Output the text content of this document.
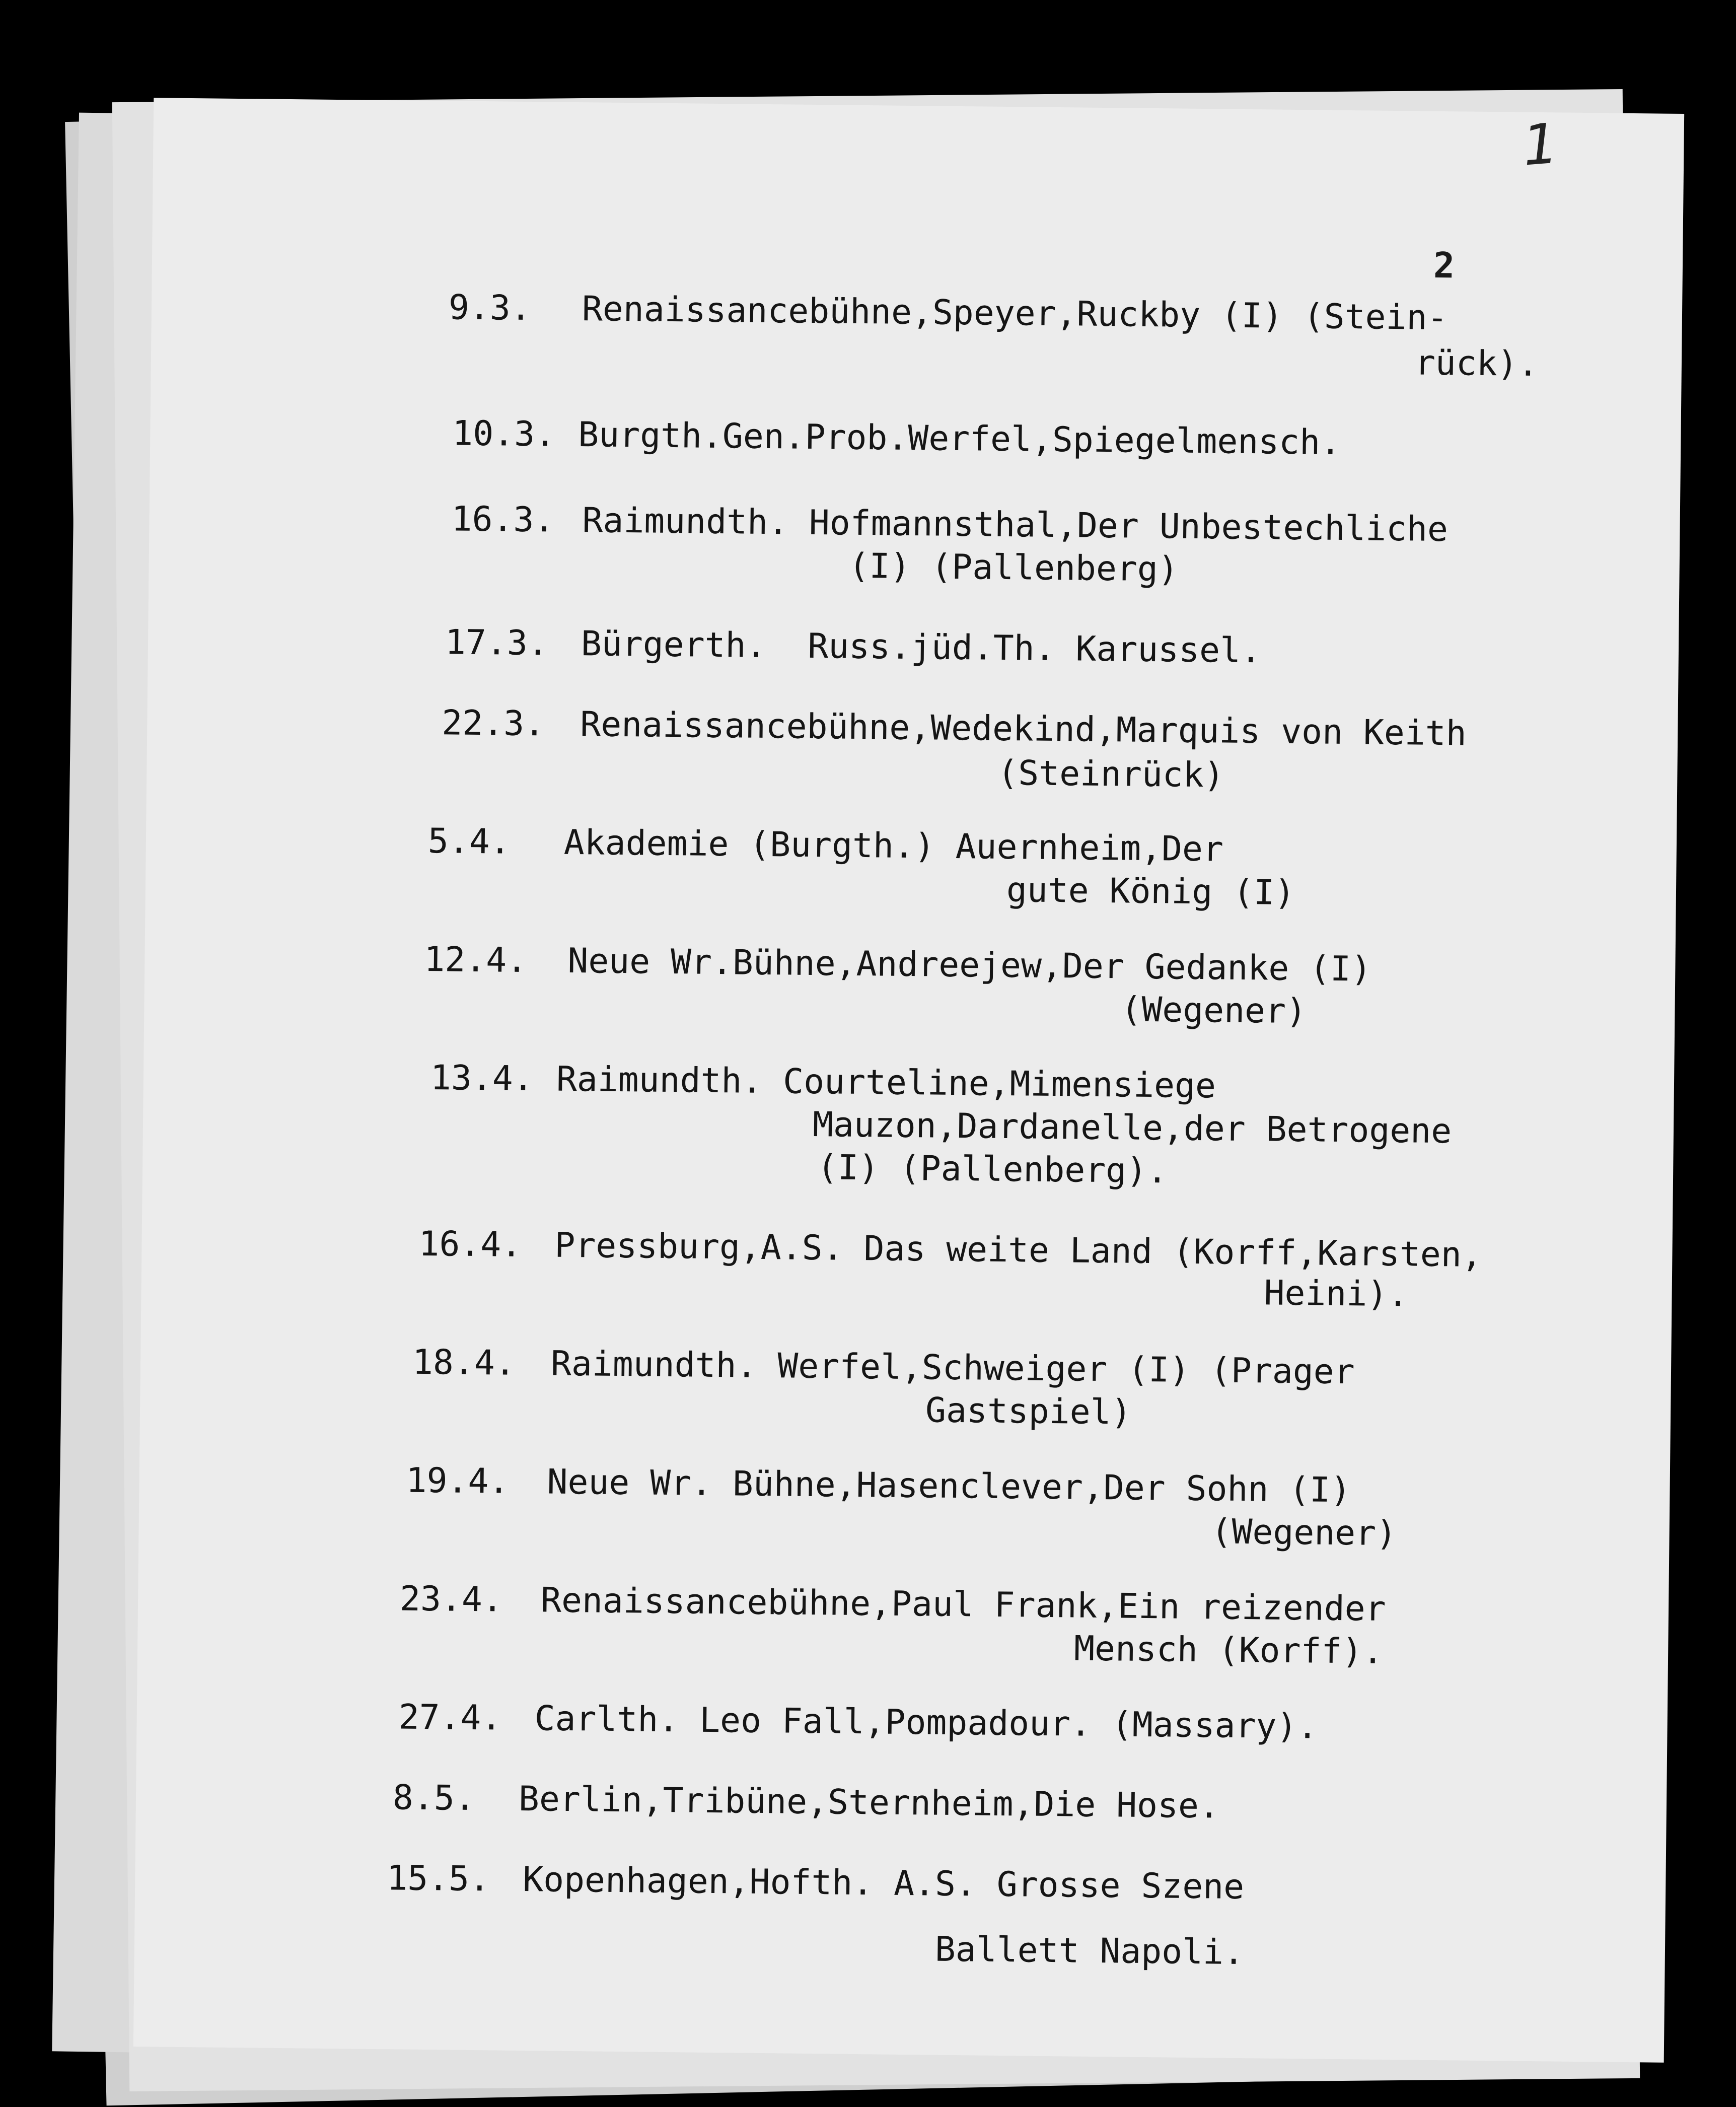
1
2
9.3. Renaissancebühne,Speyer,Ruckby (I) (Stein-
rück).
10.3. Burgth.Gen.Prob.Werfel,Spiegelmensch.
16.3. Raimundth. Hofmannsthal,Der Unbestechliche
(I) (Pallenberg)
17.3. Bürgerth.  Russ.jüd.Th. Karussel.
22.3. Renaissancebühne,Wedekind,Marquis von Keith
(Steinrück)
5.4. Akademie (Burgth.) Auernheim,Der
gute König (I)
12.4. Neue Wr.Bühne,Andreejew,Der Gedanke (I)
(Wegener)
13.4. Raimundth. Courteline,Mimensiege
Mauzon,Dardanelle,der Betrogene
(I) (Pallenberg).
16.4. Pressburg,A.S. Das weite Land (Korff,Karsten,
Heini).
18.4. Raimundth. Werfel,Schweiger (I) (Prager
Gastspiel)
19.4. Neue Wr. Bühne,Hasenclever,Der Sohn (I)
(Wegener)
23.4. Renaissancebühne,Paul Frank,Ein reizender
Mensch (Korff).
27.4. Carlth. Leo Fall,Pompadour. (Massary).
8.5. Berlin,Tribüne,Sternheim,Die Hose.
15.5. Kopenhagen,Hofth. A.S. Grosse Szene
Ballett Napoli.
